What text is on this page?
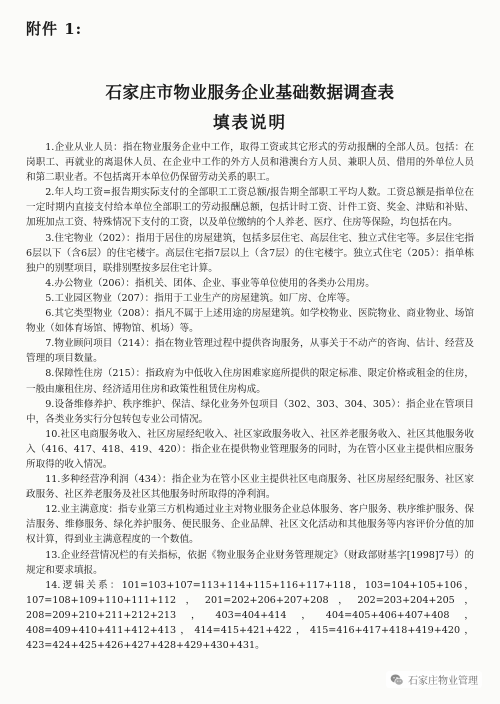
附件 1:
石家庄市物业服务企业基础数据调查表
填表说明

1.企业从业人员：指在物业服务企业中工作，取得工资或其它形式的劳动报酬的全部人员。包括：在岗职工、再就业的离退休人员、在企业中工作的外方人员和港澳台方人员、兼职人员、借用的外单位人员和第二职业者。不包括离开本单位仍保留劳动关系的职工。

2.年人均工资=报告期实际支付的全部职工工资总额/报告期全部职工平均人数。工资总额是指单位在一定时期内直接支付给本单位全部职工的劳动报酬总额，包括计时工资、计件工资、奖金、津贴和补贴、加班加点工资、特殊情况下支付的工资，以及单位缴纳的个人养老、医疗、住房等保险，均包括在内。

3.住宅物业（202）：指用于居住的房屋建筑，包括多层住宅、高层住宅、独立式住宅等。多层住宅指6层以下（含6层）的住宅楼宇。高层住宅指7层以上（含7层）的住宅楼宇。独立式住宅（205）：指单栋独户的别墅项目，联排别墅按多层住宅计算。

4.办公物业（206）：指机关、团体、企业、事业等单位使用的各类办公用房。

5.工业园区物业（207）：指用于工业生产的房屋建筑。如厂房、仓库等。

6.其它类型物业（208）：指凡不属于上述用途的房屋建筑。如学校物业、医院物业、商业物业、场馆物业（如体育场馆、博物馆、机场）等。

7.物业顾问项目（214）：指在物业管理过程中提供咨询服务，从事关于不动产的咨询、估计、经营及管理的项目数量。

8.保障性住房（215）：指政府为中低收入住房困难家庭所提供的限定标准、限定价格或租金的住房，一般由廉租住房、经济适用住房和政策性租赁住房构成。

9.设备维修养护、秩序维护、保洁、绿化业务外包项目（302、303、304、305）：指企业在管项目中，各类业务实行分包转包专业公司情况。

10.社区电商服务收入、社区房屋经纪收入、社区家政服务收入、社区养老服务收入、社区其他服务收入（416、417、418、419、420）：指企业在提供物业管理服务的同时，为在管小区业主提供相应服务所取得的收入情况。

11.多种经营净利润（434）：指企业为在管小区业主提供社区电商服务、社区房屋经纪服务、社区家政服务、社区养老服务及社区其他服务时所取得的净利润。

12.业主满意度：指专业第三方机构通过业主对物业服务企业总体服务、客户服务、秩序维护服务、保洁服务、维修服务、绿化养护服务、便民服务、企业品牌、社区文化活动和其他服务等内容评价分值的加权计算，得到业主满意程度的一个数值。

13.企业经营情况栏的有关指标，依据《物业服务企业财务管理规定》（财政部财基字[1998]7号）的规定和要求填报。

14.逻辑关系：101=103+107=113+114+115+116+117+118，103=104+105+106，107=108+109+110+111+112，201=202+206+207+208，202=203+204+205，208=209+210+211+212+213，403=404+414，404=405+406+407+408，408=409+410+411+412+413，414=415+421+422，415=416+417+418+419+420，423=424+425+426+427+428+429+430+431。

石家庄物业管理
